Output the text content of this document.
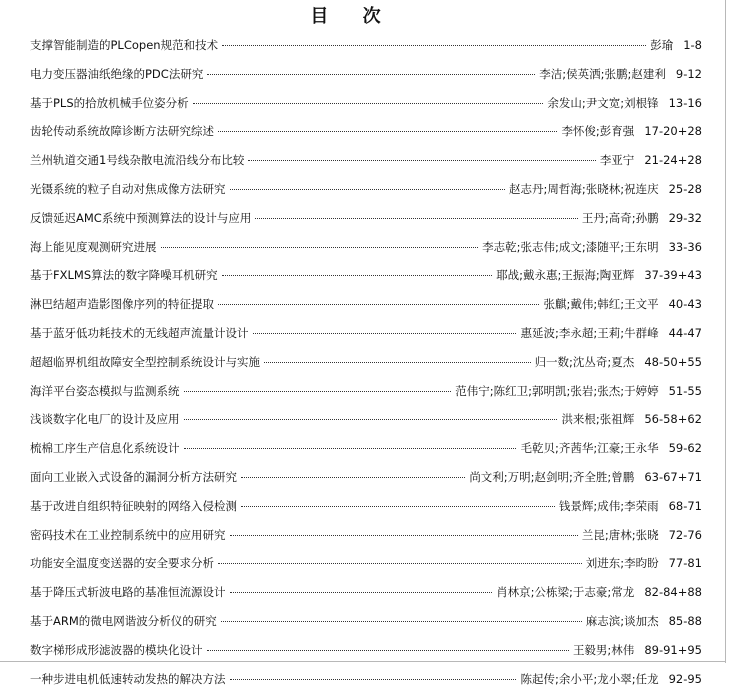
目 次
支撑智能制造的PLCopen规范和技术	彭瑜 1-8
电力变压器油纸绝缘的PDC法研究	李洁;侯英洒;张鹏;赵建利 9-12
基于PLS的拾放机械手位姿分析	余发山;尹文宽;刘根锋 13-16
齿轮传动系统故障诊断方法研究综述	李怀俊;彭育强 17-20+28
兰州轨道交通1号线杂散电流沿线分布比较	李亚宁 21-24+28
光镊系统的粒子自动对焦成像方法研究	赵志丹;周哲海;张晓林;祝连庆 25-28
反馈延迟AMC系统中预测算法的设计与应用	王丹;高奇;孙鹏 29-32
海上能见度观测研究进展	李志乾;张志伟;成文;漆随平;王东明 33-36
基于FXLMS算法的数字降噪耳机研究	耶战;戴永惠;王振海;陶亚辉 37-39+43
淋巴结超声造影图像序列的特征提取	张麒;戴伟;韩红;王文平 40-43
基于蓝牙低功耗技术的无线超声流量计设计	惠延波;李永超;王莉;牛群峰 44-47
超超临界机组故障安全型控制系统设计与实施	归一数;沈丛奇;夏杰 48-50+55
海洋平台姿态模拟与监测系统	范伟宁;陈红卫;郭明凯;张岩;张杰;于婷婷 51-55
浅谈数字化电厂的设计及应用	洪来根;张祖辉 56-58+62
梳棉工序生产信息化系统设计	毛乾贝;齐茜华;江豪;王永华 59-62
面向工业嵌入式设备的漏洞分析方法研究	尚文利;万明;赵剑明;齐全胜;曾鹏 63-67+71
基于改进自组织特征映射的网络入侵检测	钱景辉;成伟;李荣雨 68-71
密码技术在工业控制系统中的应用研究	兰昆;唐林;张晓 72-76
功能安全温度变送器的安全要求分析	刘进东;李昀盼 77-81
基于降压式斩波电路的基准恒流源设计	肖林京;公栋梁;于志豪;常龙 82-84+88
基于ARM的微电网谐波分析仪的研究	麻志滨;谈加杰 85-88
数字梯形成形滤波器的模块化设计	王毅男;林伟 89-91+95
一种步进电机低速转动发热的解决方法	陈起传;余小平;龙小翠;任龙 92-95
